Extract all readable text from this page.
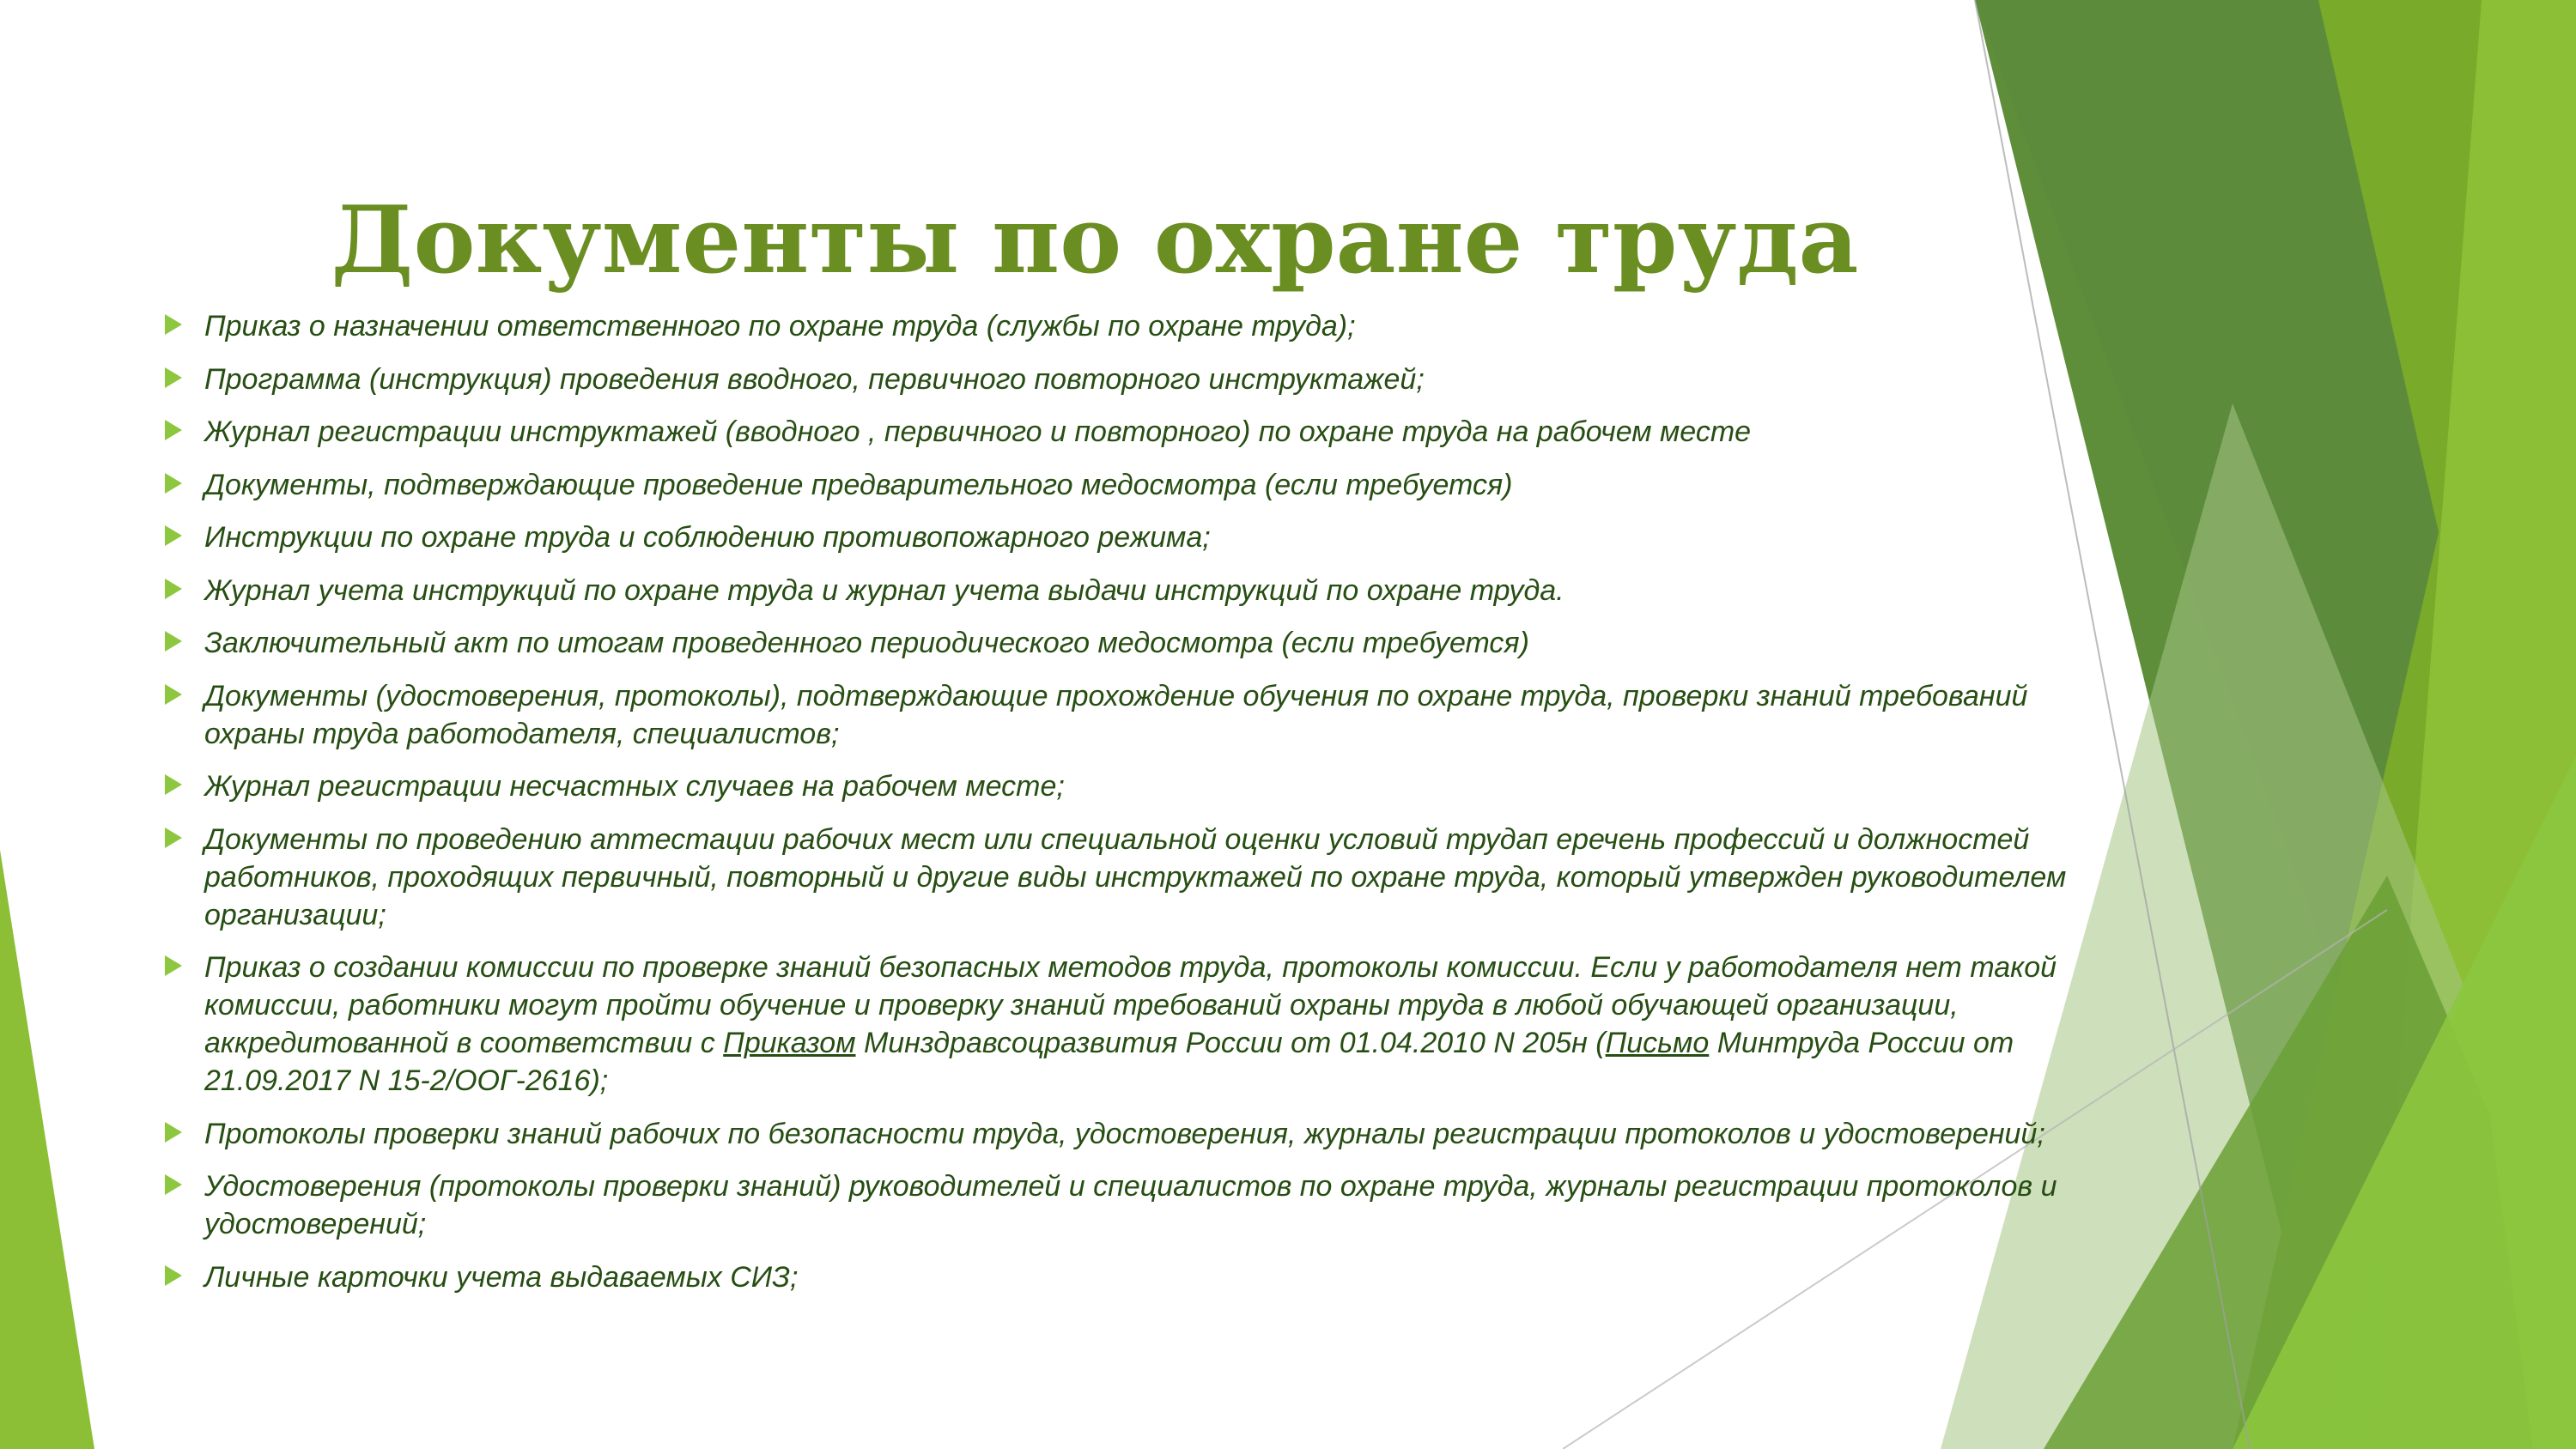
Документы по охране труда
Приказ о назначении ответственного по охране труда (службы по охране труда);
Программа (инструкция) проведения вводного, первичного повторного инструктажей;
Журнал регистрации инструктажей (вводного , первичного и повторного) по охране труда на рабочем месте
Документы, подтверждающие проведение предварительного медосмотра (если требуется)
Инструкции по охране труда и соблюдению противопожарного режима;
Журнал учета инструкций по охране труда и журнал учета выдачи инструкций по охране труда.
Заключительный акт по итогам проведенного периодического медосмотра (если требуется)
Документы (удостоверения, протоколы), подтверждающие прохождение обучения по охране труда, проверки знаний требований охраны труда работодателя, специалистов;
Журнал регистрации несчастных случаев на рабочем месте;
Документы по проведению аттестации рабочих мест или специальной оценки условий трудап еречень профессий и должностей работников, проходящих первичный, повторный и другие виды инструктажей по охране труда, который утвержден руководителем организации;
Приказ о создании комиссии по проверке знаний безопасных методов труда, протоколы комиссии. Если у работодателя нет такой комиссии, работники могут пройти обучение и проверку знаний требований охраны труда в любой обучающей организации, аккредитованной в соответствии с Приказом Минздравсоцразвития России от 01.04.2010 N 205н (Письмо Минтруда России от 21.09.2017 N 15-2/ООГ-2616);
Протоколы проверки знаний рабочих по безопасности труда, удостоверения, журналы регистрации протоколов и удостоверений;
Удостоверения (протоколы проверки знаний) руководителей и специалистов по охране труда, журналы регистрации протоколов и удостоверений;
Личные карточки учета выдаваемых СИЗ;
